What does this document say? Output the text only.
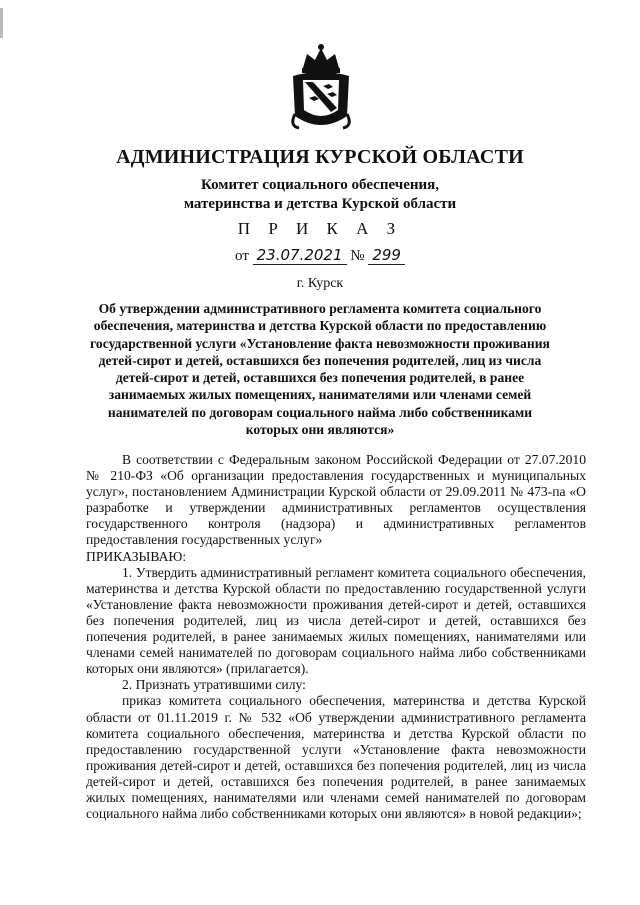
АДМИНИСТРАЦИЯ КУРСКОЙ ОБЛАСТИ
Комитет социального обеспечения,
материнства и детства Курской области
П Р И К А З
от 23.07.2021 № 299
г. Курск
Об утверждении административного регламента комитета социального обеспечения, материнства и детства Курской области по предоставлению государственной услуги «Установление факта невозможности проживания детей-сирот и детей, оставшихся без попечения родителей, лиц из числа детей-сирот и детей, оставшихся без попечения родителей, в ранее занимаемых жилых помещениях, нанимателями или членами семей нанимателей по договорам социального найма либо собственниками которых они являются»

В соответствии с Федеральным законом Российской Федерации от 27.07.2010 № 210-ФЗ «Об организации предоставления государственных и муниципальных услуг», постановлением Администрации Курской области от 29.09.2011 № 473-па «О разработке и утверждении административных регламентов осуществления государственного контроля (надзора) и административных регламентов предоставления государственных услуг»

ПРИКАЗЫВАЮ:

1. Утвердить административный регламент комитета социального обеспечения, материнства и детства Курской области по предоставлению государственной услуги «Установление факта невозможности проживания детей-сирот и детей, оставшихся без попечения родителей, лиц из числа детей-сирот и детей, оставшихся без попечения родителей, в ранее занимаемых жилых помещениях, нанимателями или членами семей нанимателей по договорам социального найма либо собственниками которых они являются» (прилагается).

2. Признать утратившими силу:

приказ комитета социального обеспечения, материнства и детства Курской области от 01.11.2019 г. № 532 «Об утверждении административного регламента комитета социального обеспечения, материнства и детства Курской области по предоставлению государственной услуги «Установление факта невозможности проживания детей-сирот и детей, оставшихся без попечения родителей, лиц из числа детей-сирот и детей, оставшихся без попечения родителей, в ранее занимаемых жилых помещениях, нанимателями или членами семей нанимателей по договорам социального найма либо собственниками которых они являются» в новой редакции»;
